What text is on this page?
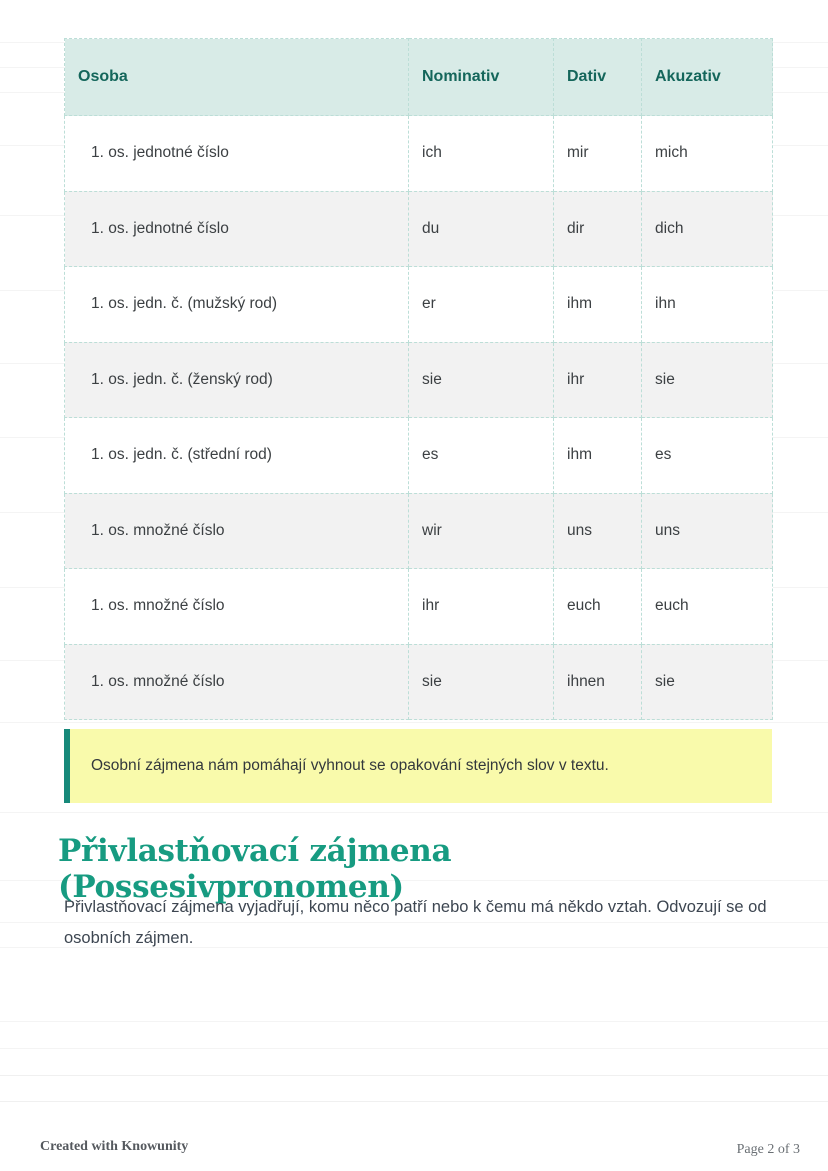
Osoba	Nominativ	Dativ	Akuzativ
1. os. jednotné číslo	ich	mir	mich
1. os. jednotné číslo	du	dir	dich
1. os. jedn. č. (mužský rod)	er	ihm	ihn
1. os. jedn. č. (ženský rod)	sie	ihr	sie
1. os. jedn. č. (střední rod)	es	ihm	es
1. os. množné číslo	wir	uns	uns
1. os. množné číslo	ihr	euch	euch
1. os. množné číslo	sie	ihnen	sie
Osobní zájmena nám pomáhají vyhnout se opakování stejných slov v textu.
Přivlastňovací zájmena (Possesivpronomen)

Přivlastňovací zájmena vyjadřují, komu něco patří nebo k čemu má někdo vztah. Odvozují se od osobních zájmen.

Created with Knowunity	Page 2 of 3
